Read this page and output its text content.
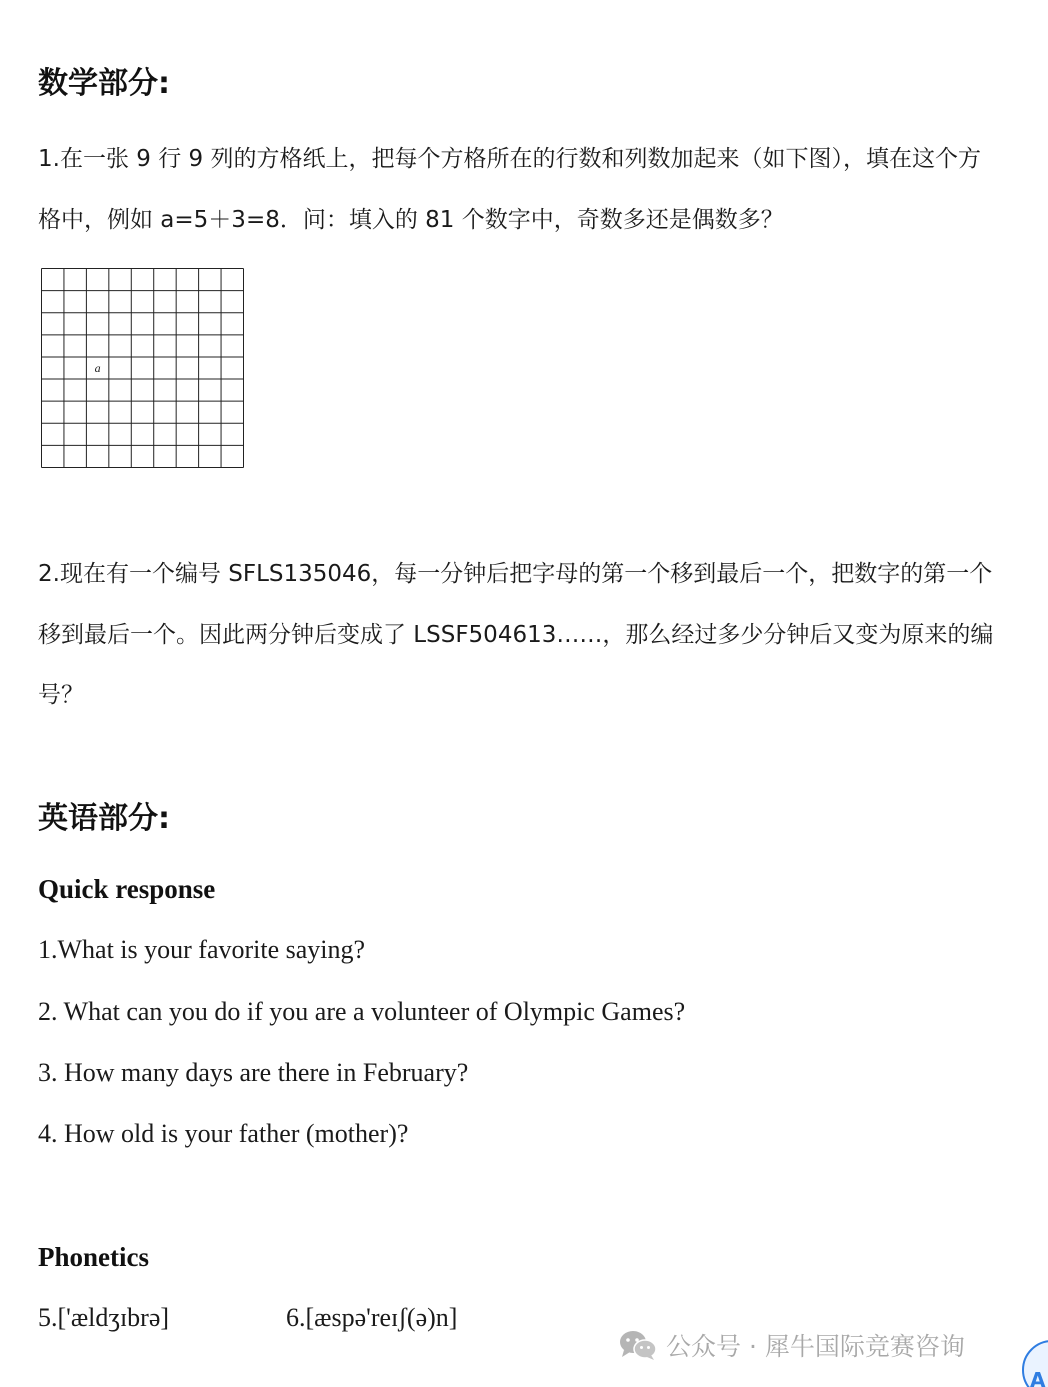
数学部分:
1.在一张 9 行 9 列的方格纸上，把每个方格所在的行数和列数加起来（如下图），填在这个方
格中，例如 a=5＋3=8．问：填入的 81 个数字中，奇数多还是偶数多？
a
2.现在有一个编号 SFLS135046，每一分钟后把字母的第一个移到最后一个，把数字的第一个
移到最后一个。因此两分钟后变成了 LSSF504613……，那么经过多少分钟后又变为原来的编
号？
英语部分:
Quick response
1.What is your favorite saying?
2. What can you do if you are a volunteer of Olympic Games?
3. How many days are there in February?
4. How old is your father (mother)?
Phonetics
5.['ældʒɪbrə]	6.[æspə'reɪʃ(ə)n]
公众号 · 犀牛国际竞赛咨询
A
